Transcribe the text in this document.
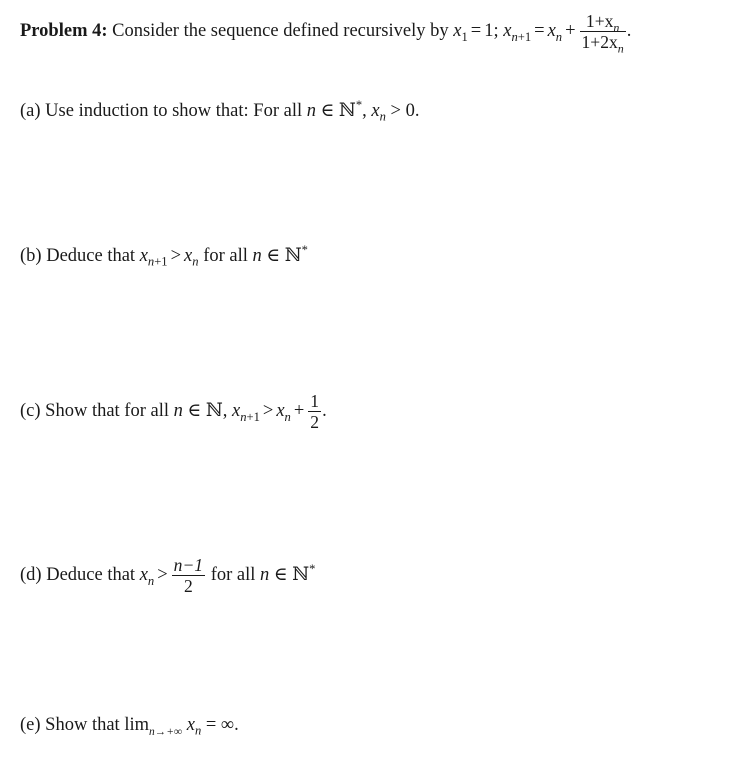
Problem 4: Consider the sequence defined recursively by $x_1 = 1$; $x_{n+1} = x_n + \frac{1+x_n}{1+2x_n}$ .
(a) Use induction to show that: For all n ∈ ℕ*, $x_n > 0$.
(b) Deduce that $x_{n+1} > x_n$ for all n ∈ ℕ*
(c) Show that for all n ∈ ℕ, $x_{n+1} > x_n + \frac{1}{2}$ .
(d) Deduce that $x_n > \frac{n-1}{2}$ for all n ∈ ℕ*
(e) Show that $\lim_{n\to+\infty} x_n$ = ∞.
